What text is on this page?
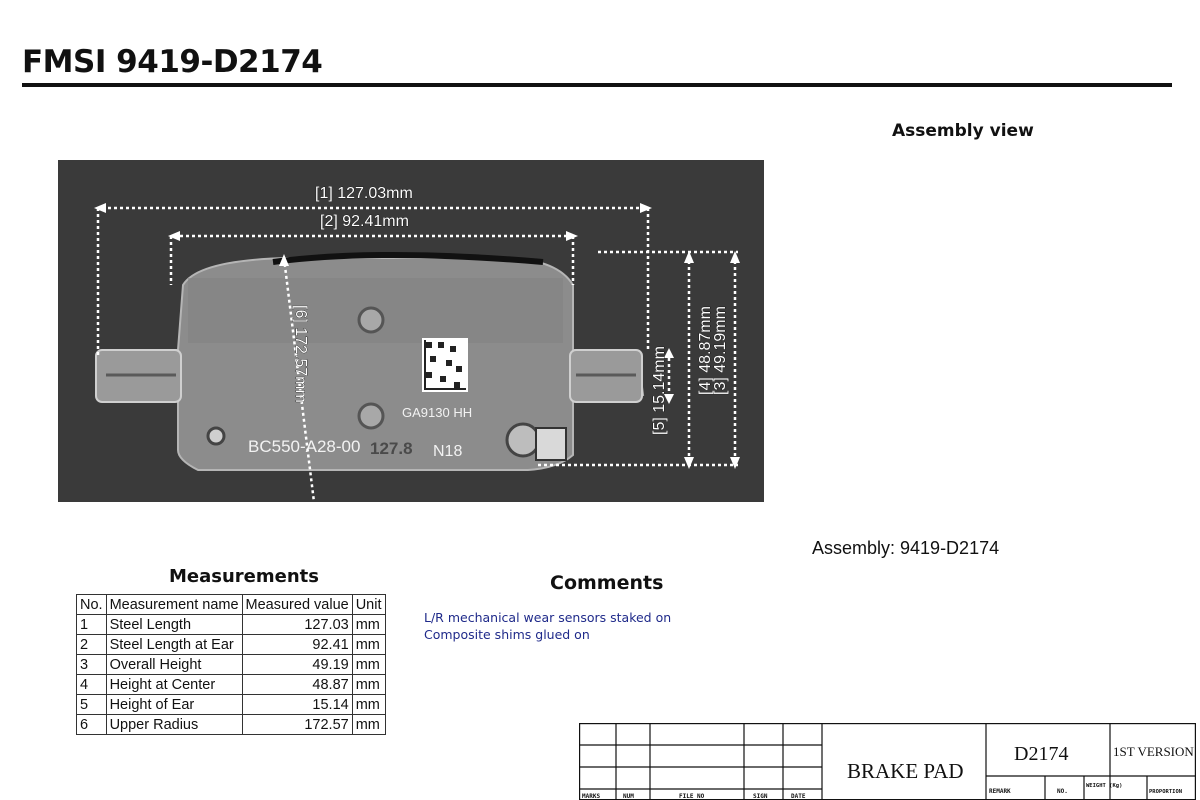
FMSI 9419-D2174
Assembly view
BC550-A28-00 127.8 N18
GA9130 HH
[1] 127.03mm
[2] 92.41mm
[3] 49.19mm
[4] 48.87mm
[5] 15.14mm
[6] 172.57mm
Assembly: 9419-D2174
Measurements
No.	Measurement name	Measured value	Unit
1	Steel Length	127.03	mm
2	Steel Length at Ear	92.41	mm
3	Overall Height	49.19	mm
4	Height at Center	48.87	mm
5	Height of Ear	15.14	mm
6	Upper Radius	172.57	mm
Comments
L/R mechanical wear sensors staked on
Composite shims glued on
MARKS	NUM	FILE NO	SIGN	DATE
REMARK	NO.
WEIGHT (Kg)
PROPORTION
BRAKE PAD
D2174	1ST VERSION
